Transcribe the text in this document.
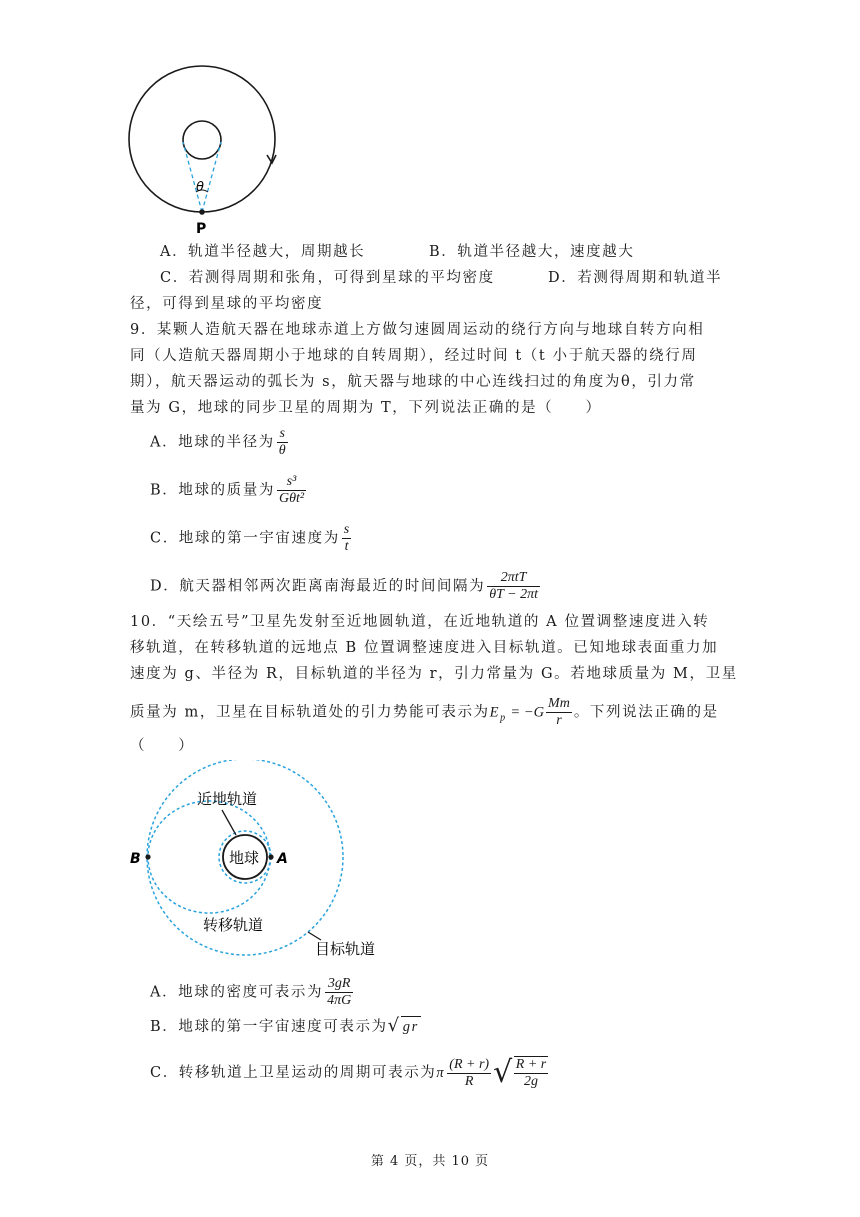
θ
P
A．轨道半径越大，周期越长	B．轨道半径越大，速度越大
C．若测得周期和张角，可得到星球的平均密度	D．若测得周期和轨道半
径，可得到星球的平均密度
9．某颗人造航天器在地球赤道上方做匀速圆周运动的绕行方向与地球自转方向相
同（人造航天器周期小于地球的自转周期），经过时间 t（t 小于航天器的绕行周
期），航天器运动的弧长为 s，航天器与地球的中心连线扫过的角度为θ，引力常
量为 G，地球的同步卫星的周期为 T，下列说法正确的是（　　）
A．地球的半径为 $\frac{s}{\theta}$
B．地球的质量为 $\frac{\text{s³}}{\text{Gθt²}}$
C．地球的第一宇宙速度为 $\frac{s}{t}$
D．航天器相邻两次距离南海最近的时间间隔为 $\frac{\text{2πtT}}{\theta T - 2\pi t}$
10．“天绘五号”卫星先发射至近地圆轨道，在近地轨道的 A 位置调整速度进入转
移轨道，在转移轨道的远地点 B 位置调整速度进入目标轨道。已知地球表面重力加
速度为 g、半径为 R，目标轨道的半径为 r，引力常量为 G。若地球质量为 M，卫星
质量为 m，卫星在目标轨道处的引力势能可表示为$E_p = -G \frac{Mm}{r}$ 。下列说法正确的是
（　　）
地球 A
B
近地轨道
转移轨道
目标轨道
A．地球的密度可表示为 $\frac{3gR}{4\pi G}$
B．地球的第一宇宙速度可表示为√ gr
C．转移轨道上卫星运动的周期可表示为π $\frac{(R + r)}{R}$ √ $\frac{R + r}{2g}$
第 4 页，共 10 页
